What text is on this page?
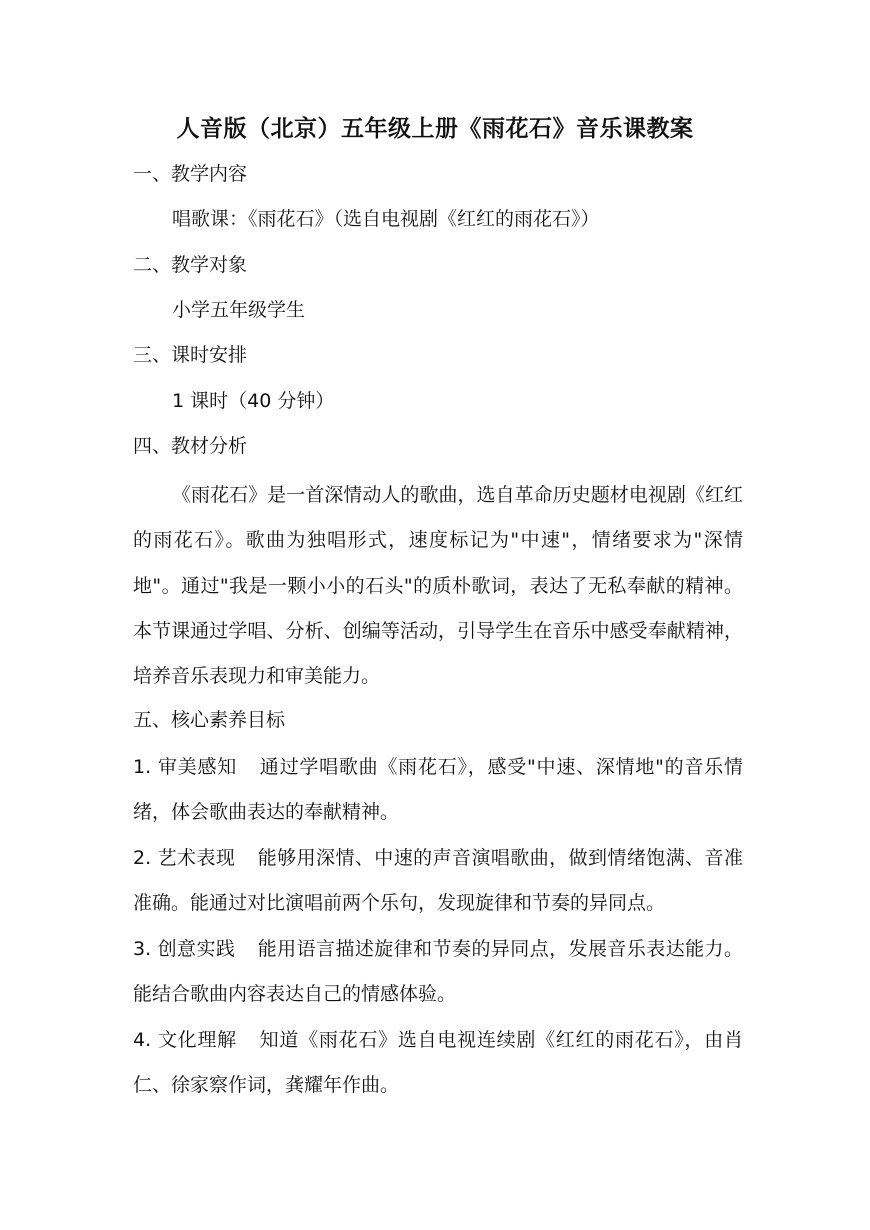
人音版（北京）五年级上册《雨花石》音乐课教案
一、教学内容
唱歌课：《雨花石》（选自电视剧《红红的雨花石》）
二、教学对象
小学五年级学生
三、课时安排
1 课时（40 分钟）
四、教材分析
《雨花石》是一首深情动人的歌曲，选自革命历史题材电视剧《红红的雨花石》。歌曲为独唱形式，速度标记为"中速"，情绪要求为"深情地"。通过"我是一颗小小的石头"的质朴歌词，表达了无私奉献的精神。本节课通过学唱、分析、创编等活动，引导学生在音乐中感受奉献精神，培养音乐表现力和审美能力。
五、核心素养目标
1. 审美感知 通过学唱歌曲《雨花石》，感受"中速、深情地"的音乐情绪，体会歌曲表达的奉献精神。
2. 艺术表现 能够用深情、中速的声音演唱歌曲，做到情绪饱满、音准准确。能通过对比演唱前两个乐句，发现旋律和节奏的异同点。
3. 创意实践 能用语言描述旋律和节奏的异同点，发展音乐表达能力。能结合歌曲内容表达自己的情感体验。
4. 文化理解 知道《雨花石》选自电视连续剧《红红的雨花石》，由肖仁、徐家察作词，龚耀年作曲。
